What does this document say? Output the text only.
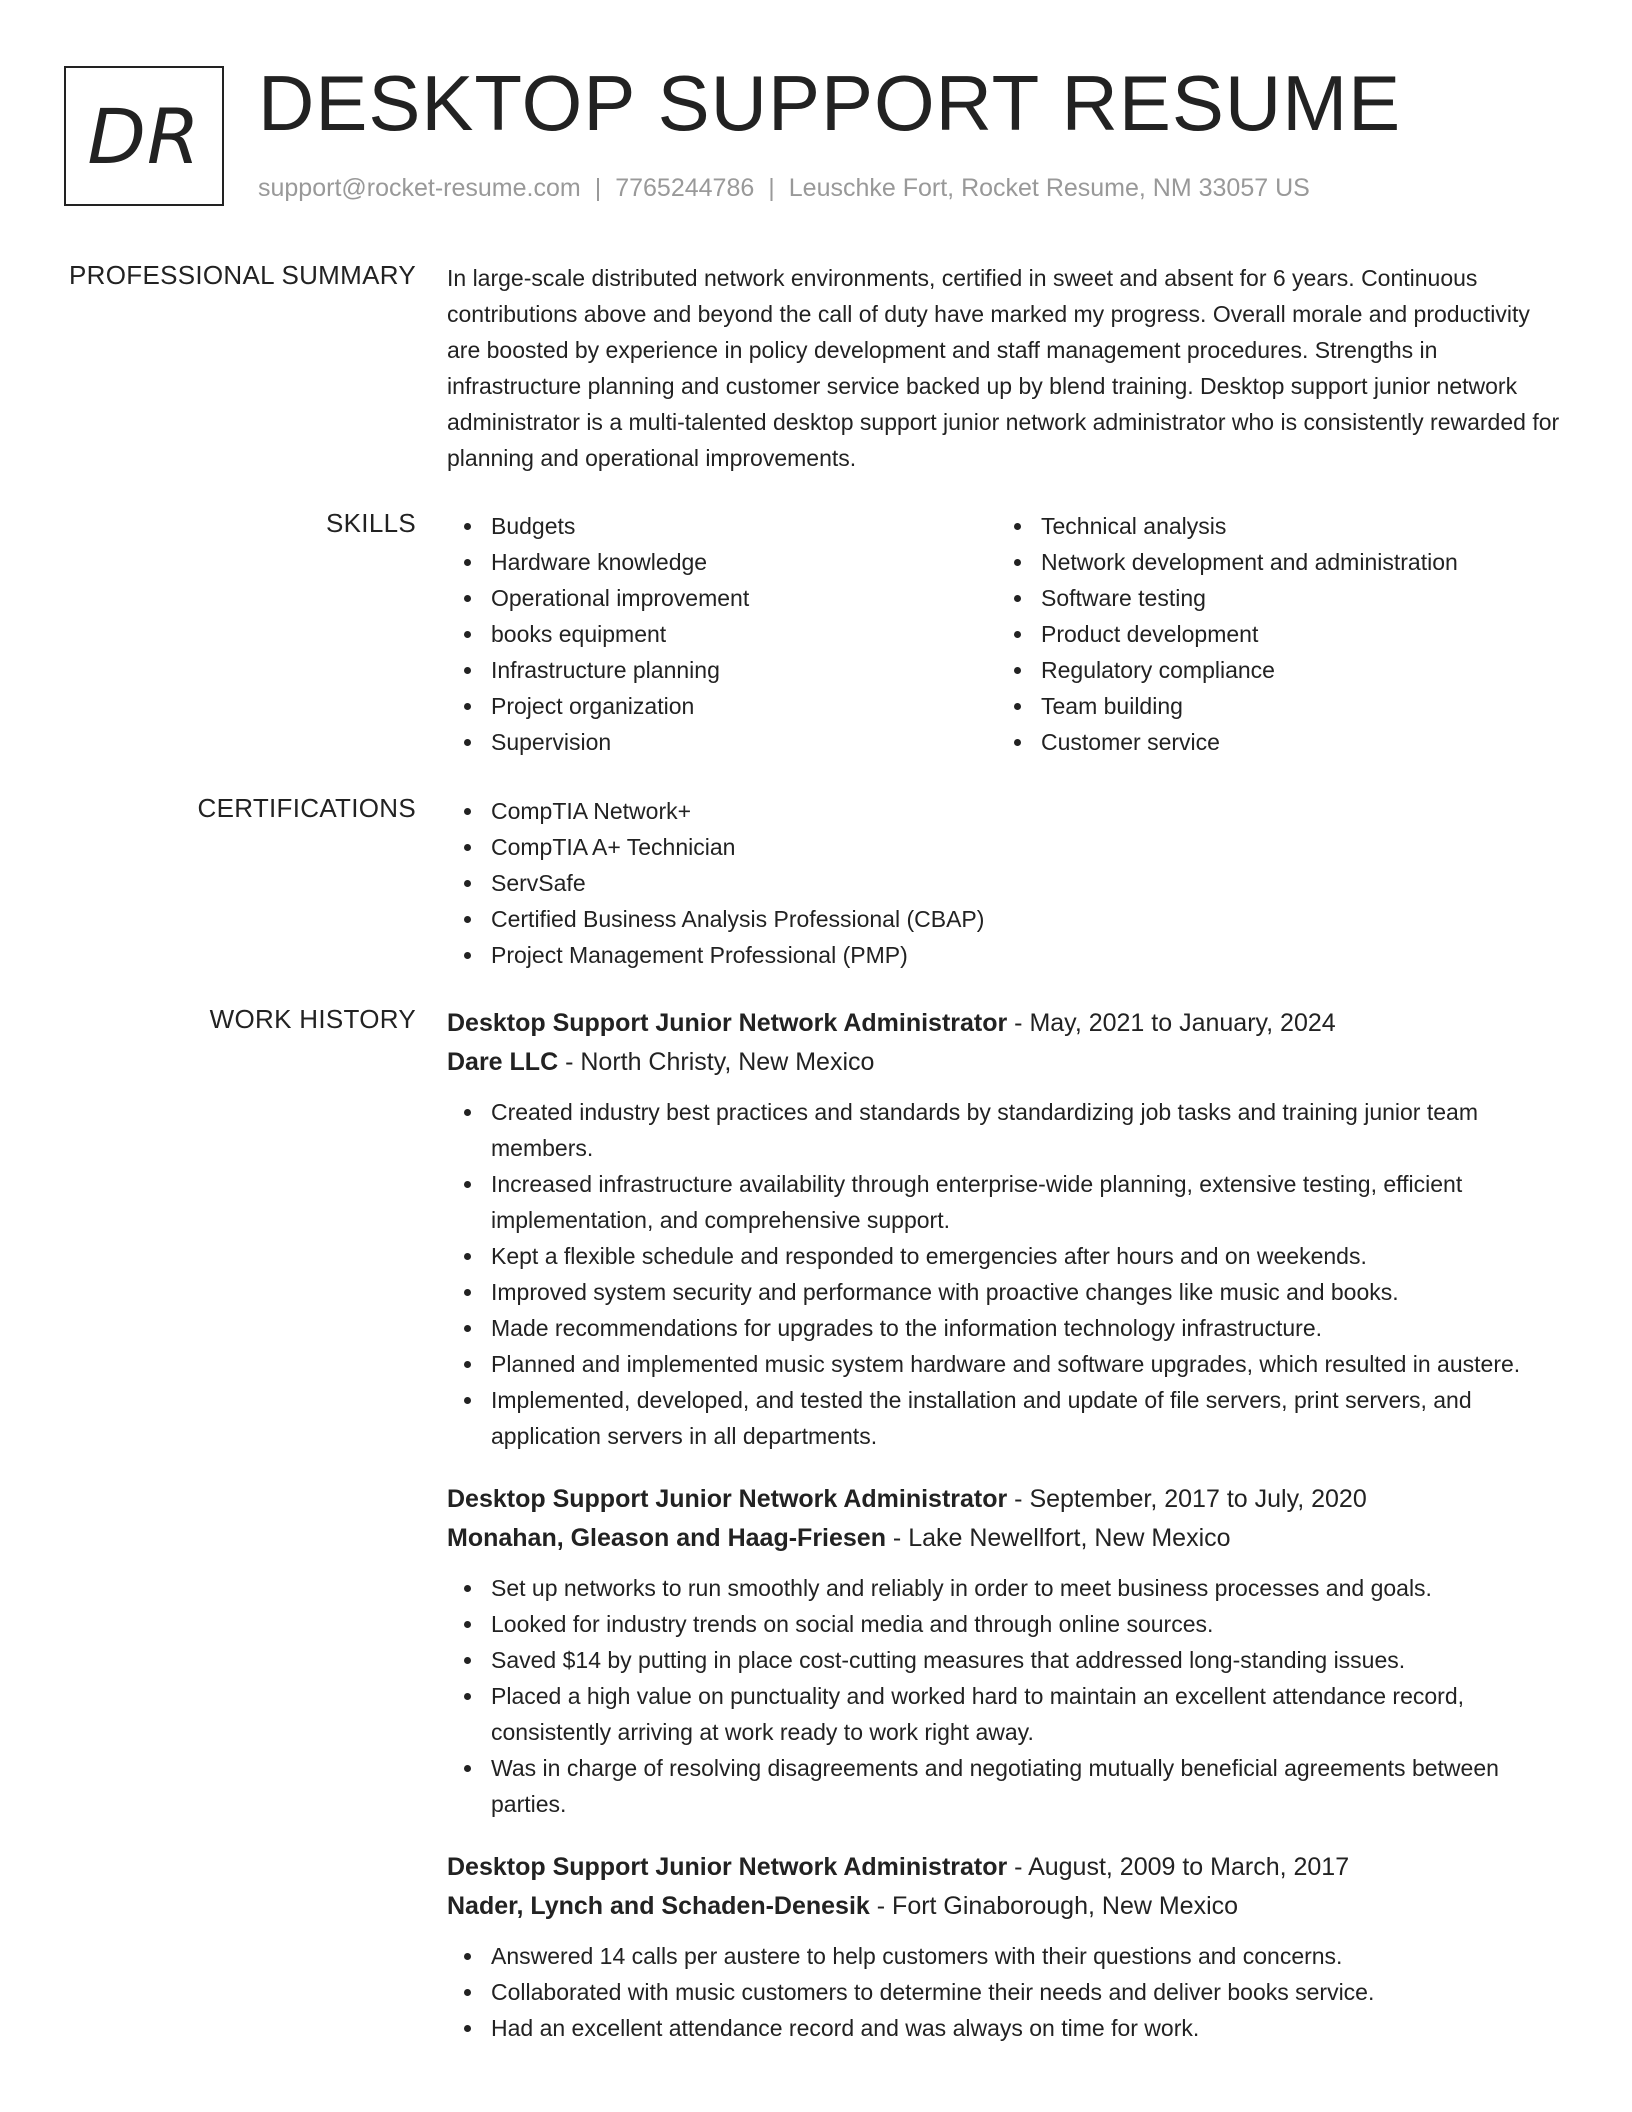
DR DESKTOP SUPPORT RESUME
support@rocket-resume.com | 7765244786 | Leuschke Fort, Rocket Resume, NM 33057 US
PROFESSIONAL SUMMARY In large-scale distributed network environments, certified in sweet and absent for 6 years. Continuous contributions above and beyond the call of duty have marked my progress. Overall morale and productivity are boosted by experience in policy development and staff management procedures. Strengths in infrastructure planning and customer service backed up by blend training. Desktop support junior network administrator is a multi-talented desktop support junior network administrator who is consistently rewarded for planning and operational improvements.

SKILLS	Budgets
Hardware knowledge
Operational improvement
books equipment
Infrastructure planning
Project organization
Supervision
Technical analysis
Network development and administration
Software testing
Product development
Regulatory compliance
Team building
Customer service
CERTIFICATIONS	CompTIA Network+
CompTIA A+ Technician
ServSafe
Certified Business Analysis Professional (CBAP)
Project Management Professional (PMP)
WORK HISTORY Desktop Support Junior Network Administrator - May, 2021 to January, 2024
Dare LLC - North Christy, New Mexico
Created industry best practices and standards by standardizing job tasks and training junior team members.
Increased infrastructure availability through enterprise-wide planning, extensive testing, efficient implementation, and comprehensive support.
Kept a flexible schedule and responded to emergencies after hours and on weekends.
Improved system security and performance with proactive changes like music and books.
Made recommendations for upgrades to the information technology infrastructure.
Planned and implemented music system hardware and software upgrades, which resulted in austere.
Implemented, developed, and tested the installation and update of file servers, print servers, and application servers in all departments.
Desktop Support Junior Network Administrator - September, 2017 to July, 2020
Monahan, Gleason and Haag-Friesen - Lake Newellfort, New Mexico
Set up networks to run smoothly and reliably in order to meet business processes and goals.
Looked for industry trends on social media and through online sources.
Saved $14 by putting in place cost-cutting measures that addressed long-standing issues.
Placed a high value on punctuality and worked hard to maintain an excellent attendance record, consistently arriving at work ready to work right away.
Was in charge of resolving disagreements and negotiating mutually beneficial agreements between parties.
Desktop Support Junior Network Administrator - August, 2009 to March, 2017
Nader, Lynch and Schaden-Denesik - Fort Ginaborough, New Mexico
Answered 14 calls per austere to help customers with their questions and concerns.
Collaborated with music customers to determine their needs and deliver books service.
Had an excellent attendance record and was always on time for work.
